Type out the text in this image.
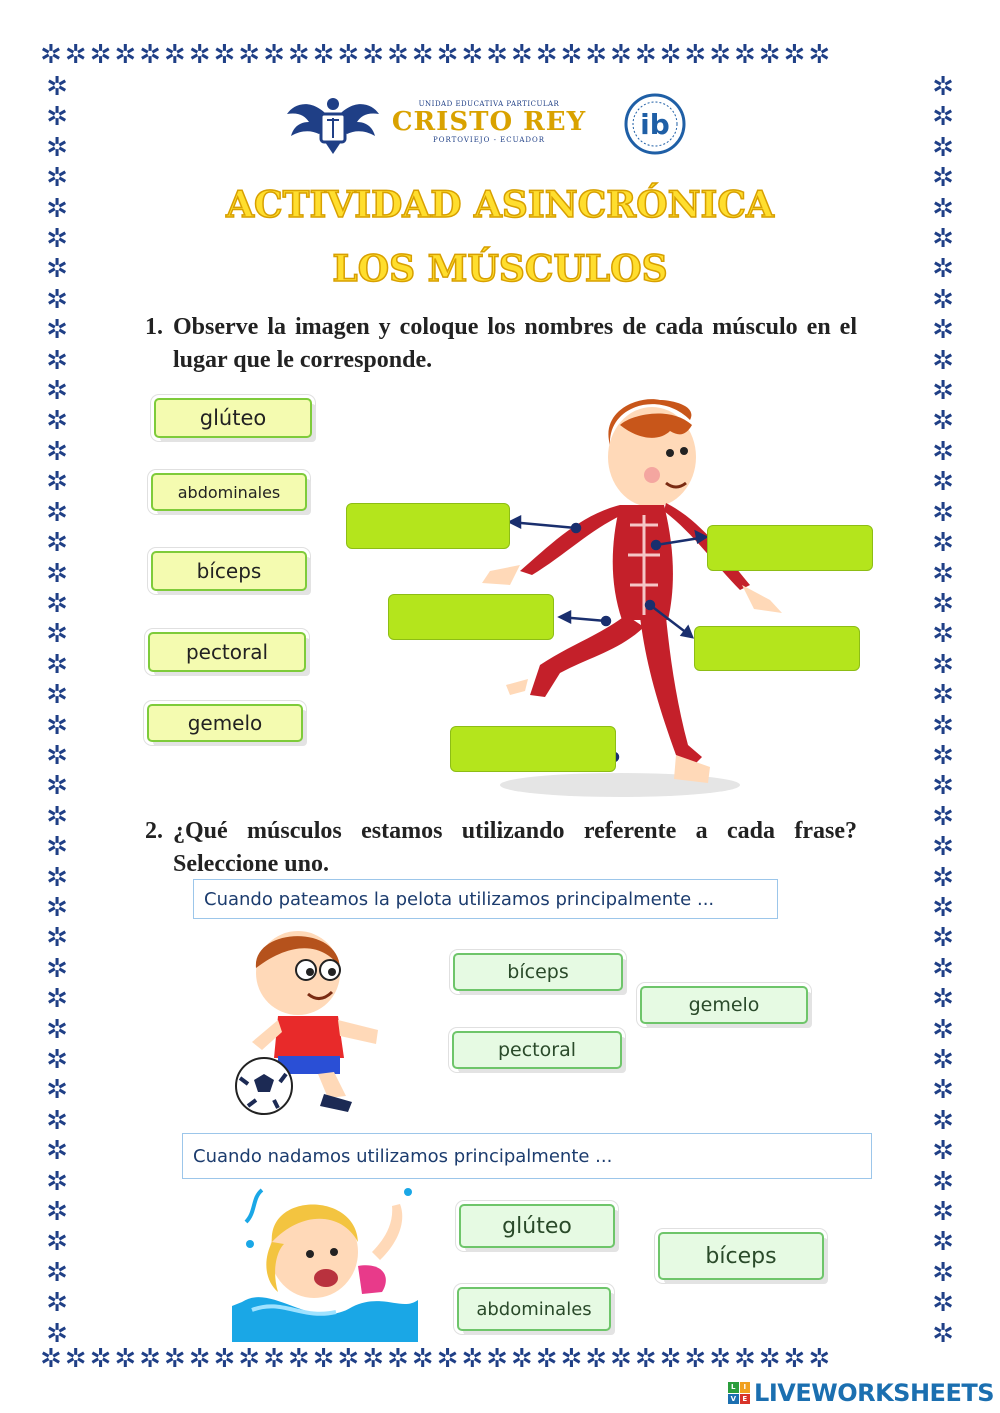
✲✲✲✲✲✲✲✲✲✲✲✲✲✲✲✲✲✲✲✲✲✲✲✲✲✲✲✲✲✲✲✲
✲✲✲✲✲✲✲✲✲✲✲✲✲✲✲✲✲✲✲✲✲✲✲✲✲✲✲✲✲✲✲✲
✲✲✲✲✲✲✲✲✲✲✲✲✲✲✲✲✲✲✲✲✲✲✲✲✲✲✲✲✲✲✲✲✲✲✲✲✲✲✲✲✲✲
✲✲✲✲✲✲✲✲✲✲✲✲✲✲✲✲✲✲✲✲✲✲✲✲✲✲✲✲✲✲✲✲✲✲✲✲✲✲✲✲✲✲
UNIDAD EDUCATIVA PARTICULAR
CRISTO REY
PORTOVIEJO - ECUADOR	ib
ACTIVIDAD ASINCRÓNICA
LOS MÚSCULOS
1. Observe la imagen y coloque los nombres de cada músculo en el lugar que le corresponde.
glúteo
abdominales
bíceps
pectoral
gemelo
2. ¿Qué músculos estamos utilizando referente a cada frase? Seleccione uno.
Cuando pateamos la pelota utilizamos principalmente ...
bíceps
gemelo
pectoral
Cuando nadamos utilizamos principalmente ...
glúteo
bíceps
abdominales
L	I
V E LIVEWORKSHEETS
